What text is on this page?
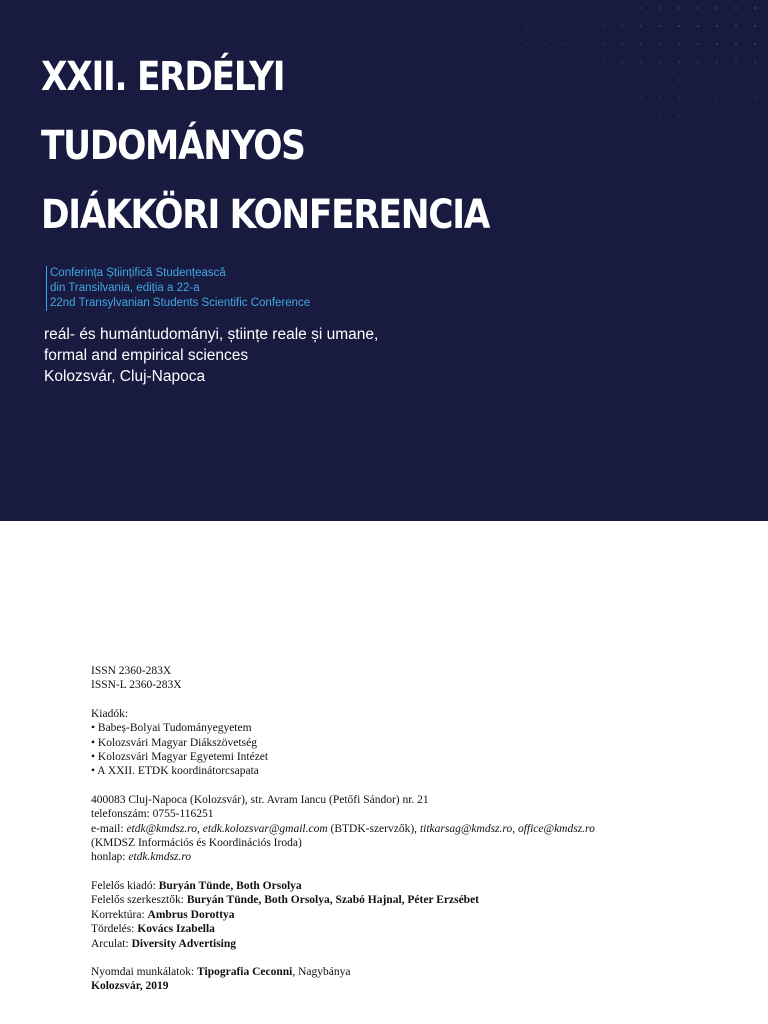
XXII. ERDÉLYI
TUDOMÁNYOS
DIÁKKÖRI KONFERENCIA
Conferința Științifică Studențească
din Transilvania, ediția a 22-a
22nd Transylvanian Students Scientific Conference
reál- és humántudományi, științe reale și umane,
formal and empirical sciences
Kolozsvár, Cluj-Napoca
ISSN 2360-283X
ISSN-L 2360-283X
Kiadók:
• Babeș-Bolyai Tudományegyetem
• Kolozsvári Magyar Diákszövetség
• Kolozsvári Magyar Egyetemi Intézet
• A XXII. ETDK koordinátorcsapata
400083 Cluj-Napoca (Kolozsvár), str. Avram Iancu (Petőfi Sándor) nr. 21
telefonszám: 0755-116251
e-mail: etdk@kmdsz.ro, etdk.kolozsvar@gmail.com (BTDK-szervzők), titkarsag@kmdsz.ro, office@kmdsz.ro
(KMDSZ Információs és Koordinációs Iroda)
honlap: etdk.kmdsz.ro
Felelős kiadó: Buryán Tünde, Both Orsolya
Felelős szerkesztők: Buryán Tünde, Both Orsolya, Szabó Hajnal, Péter Erzsébet
Korrektúra: Ambrus Dorottya
Tördelés: Kovács Izabella
Arculat: Diversity Advertising
Nyomdai munkálatok: Tipografia Ceconni, Nagybánya
Kolozsvár, 2019
